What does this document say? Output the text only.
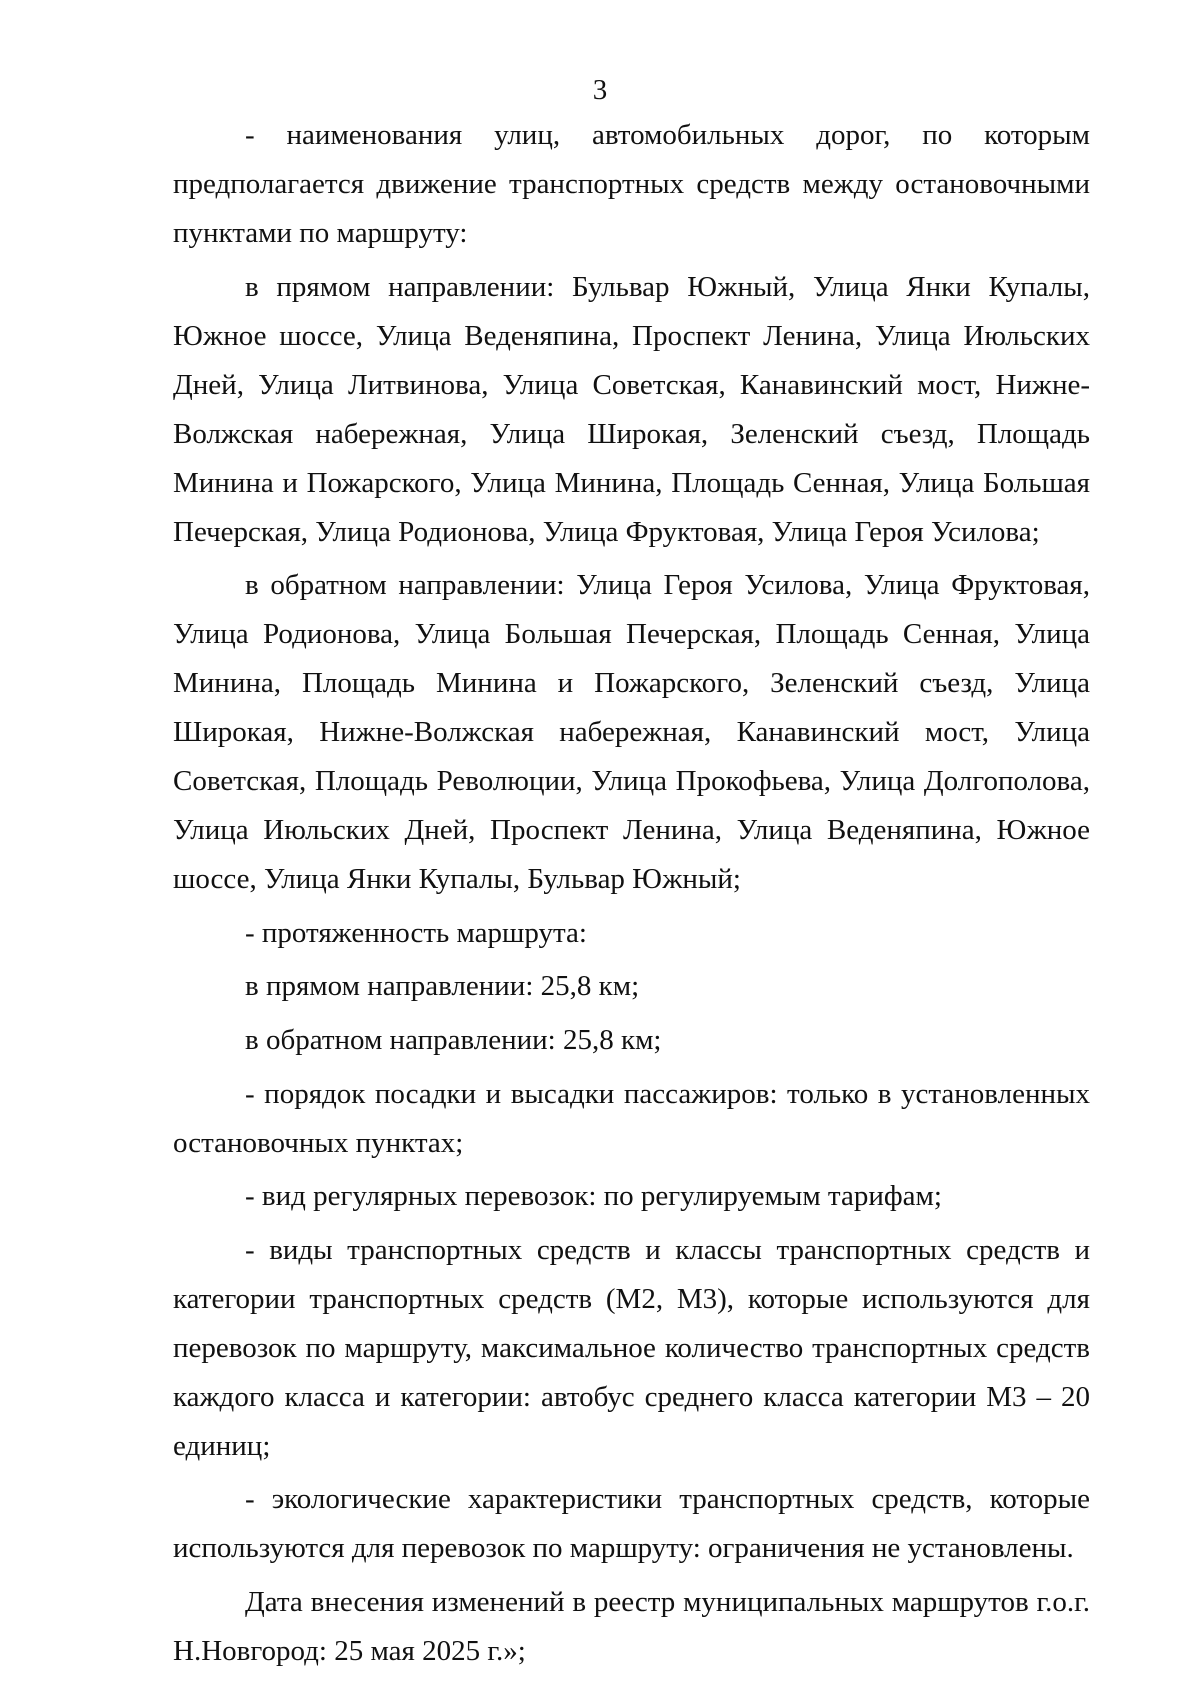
3

- наименования улиц, автомобильных дорог, по которым предполагается движение транспортных средств между остановочными пунктами по маршруту:

в прямом направлении: Бульвар Южный, Улица Янки Купалы, Южное шоссе, Улица Веденяпина, Проспект Ленина, Улица Июльских Дней, Улица Литвинова, Улица Советская, Канавинский мост, Нижне-Волжская набережная, Улица Широкая, Зеленский съезд, Площадь Минина и Пожарского, Улица Минина, Площадь Сенная, Улица Большая Печерская, Улица Родионова, Улица Фруктовая, Улица Героя Усилова;

в обратном направлении: Улица Героя Усилова, Улица Фруктовая, Улица Родионова, Улица Большая Печерская, Площадь Сенная, Улица Минина, Площадь Минина и Пожарского, Зеленский съезд, Улица Широкая, Нижне-Волжская набережная, Канавинский мост, Улица Советская, Площадь Революции, Улица Прокофьева, Улица Долгополова, Улица Июльских Дней, Проспект Ленина, Улица Веденяпина, Южное шоссе, Улица Янки Купалы, Бульвар Южный;

- протяженность маршрута:

в прямом направлении: 25,8 км;

в обратном направлении: 25,8 км;

- порядок посадки и высадки пассажиров: только в установленных остановочных пунктах;

- вид регулярных перевозок: по регулируемым тарифам;

- виды транспортных средств и классы транспортных средств и категории транспортных средств (М2, М3), которые используются для перевозок по маршруту, максимальное количество транспортных средств каждого класса и категории: автобус среднего класса категории М3 – 20 единиц;

- экологические характеристики транспортных средств, которые используются для перевозок по маршруту: ограничения не установлены.

Дата внесения изменений в реестр муниципальных маршрутов г.о.г. Н.Новгород: 25 мая 2025 г.»;
